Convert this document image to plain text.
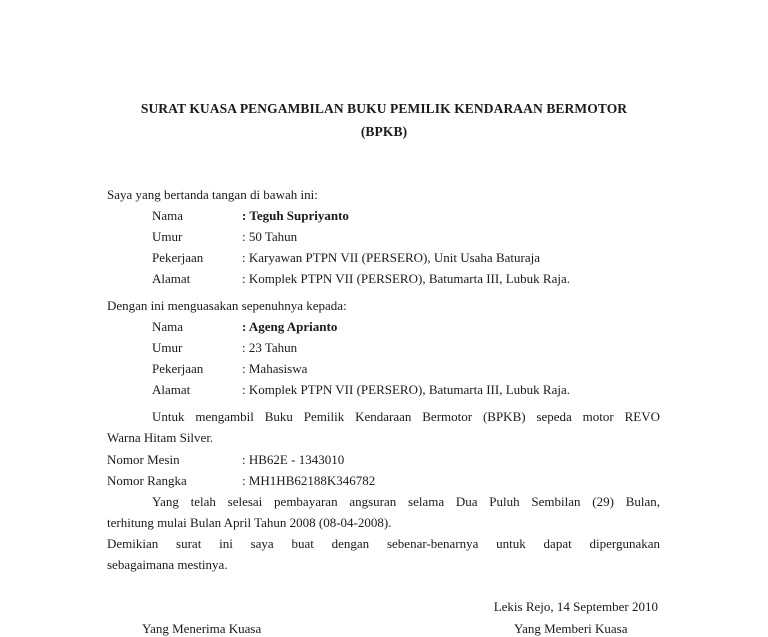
SURAT KUASA PENGAMBILAN BUKU PEMILIK KENDARAAN BERMOTOR
(BPKB)
Saya yang bertanda tangan di bawah ini:
Nama	: Teguh Supriyanto
Umur	: 50 Tahun
Pekerjaan	: Karyawan PTPN VII (PERSERO), Unit Usaha Baturaja
Alamat	: Komplek PTPN VII (PERSERO), Batumarta III, Lubuk Raja.
Dengan ini menguasakan sepenuhnya kepada:
Nama	: Ageng Aprianto
Umur	: 23 Tahun
Pekerjaan	: Mahasiswa
Alamat	: Komplek PTPN VII (PERSERO), Batumarta III, Lubuk Raja.
Untuk mengambil Buku Pemilik Kendaraan Bermotor (BPKB) sepeda motor REVO
Warna Hitam Silver.
Nomor Mesin	: HB62E - 1343010
Nomor Rangka	: MH1HB62188K346782
Yang telah selesai pembayaran angsuran selama Dua Puluh Sembilan (29) Bulan,
terhitung mulai Bulan April Tahun 2008 (08-04-2008).
Demikian surat ini saya buat dengan sebenar-benarnya untuk dapat dipergunakan
sebagaimana mestinya.
Lekis Rejo, 14 September 2010
Yang Menerima Kuasa	Yang Memberi Kuasa
